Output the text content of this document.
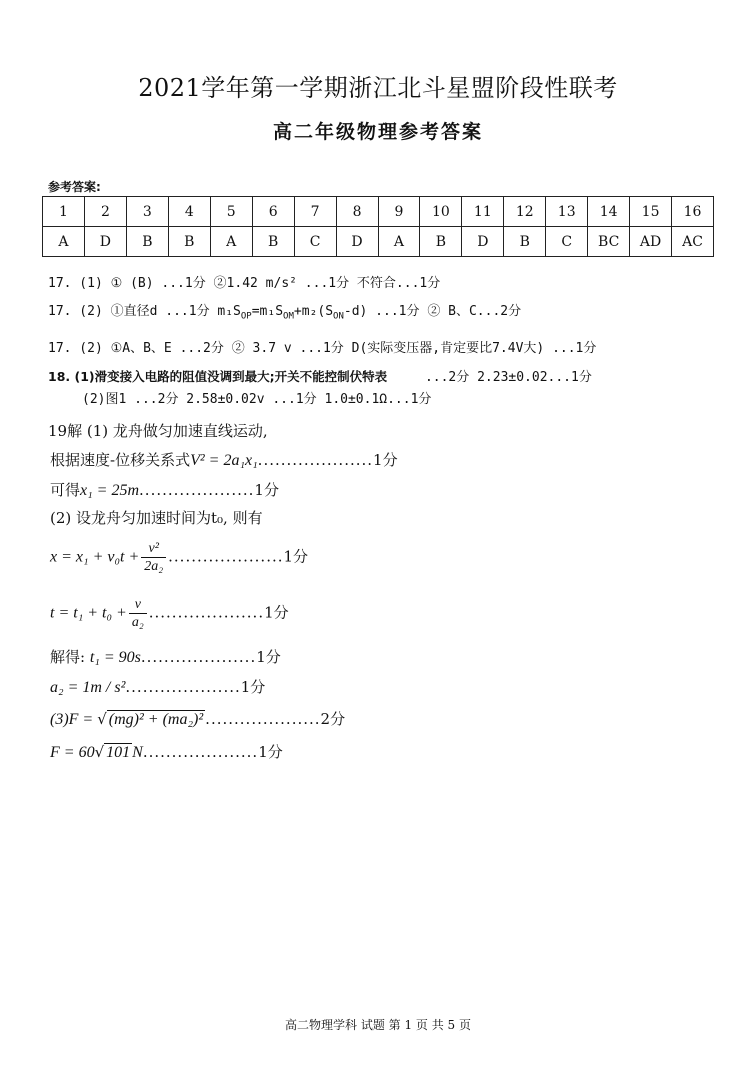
2021学年第一学期浙江北斗星盟阶段性联考
高二年级物理参考答案
参考答案:
1	2	3	4	5	6	7	8	9	10	11	12	13	14	15	16
A	D	B	B	A	B	C	D	A	B	D	B	C	BC	AD	AC
17. (1) ① (B) ...1分 ②1.42 m/s² ...1分 不符合...1分
17. (2) ①直径d ...1分 $m_1S_{OP}=m_1S_{OM}+m_2(S_{ON}-d)$ ...1分 ② B、C...2分
17. (2) ①A、B、E ...2分 ② 3.7 v ...1分 D(实际变压器,肯定要比7.4V大) ...1分
18. (1)滑变接入电路的阻值没调到最大;开关不能控制伏特表	...2分 2.23±0.02...1分
(2)图1 ...2分 2.58±0.02v ...1分 1.0±0.1Ω...1分
19解 (1) 龙舟做匀加速直线运动,
根据速度-位移关系式V² = 2a₁x₁....................1分
可得x₁ = 25m....................1分
(2) 设龙舟匀加速时间为t₀, 则有
$x = x_1 + v_0t + \frac{\text{v²}}{\text{2a₂}} ....................1$分
$t = t_1 + t_0 + \frac{v}{\text{a₂}} ....................1$分
解得: t₁ = 90s....................1分
a₂ = 1m / s²....................1分
(3)F = √ (mg)² + (ma₂)² ....................2分
F = 60√ 101 N....................1分
高二物理学科 试题 第 1 页 共 5 页
